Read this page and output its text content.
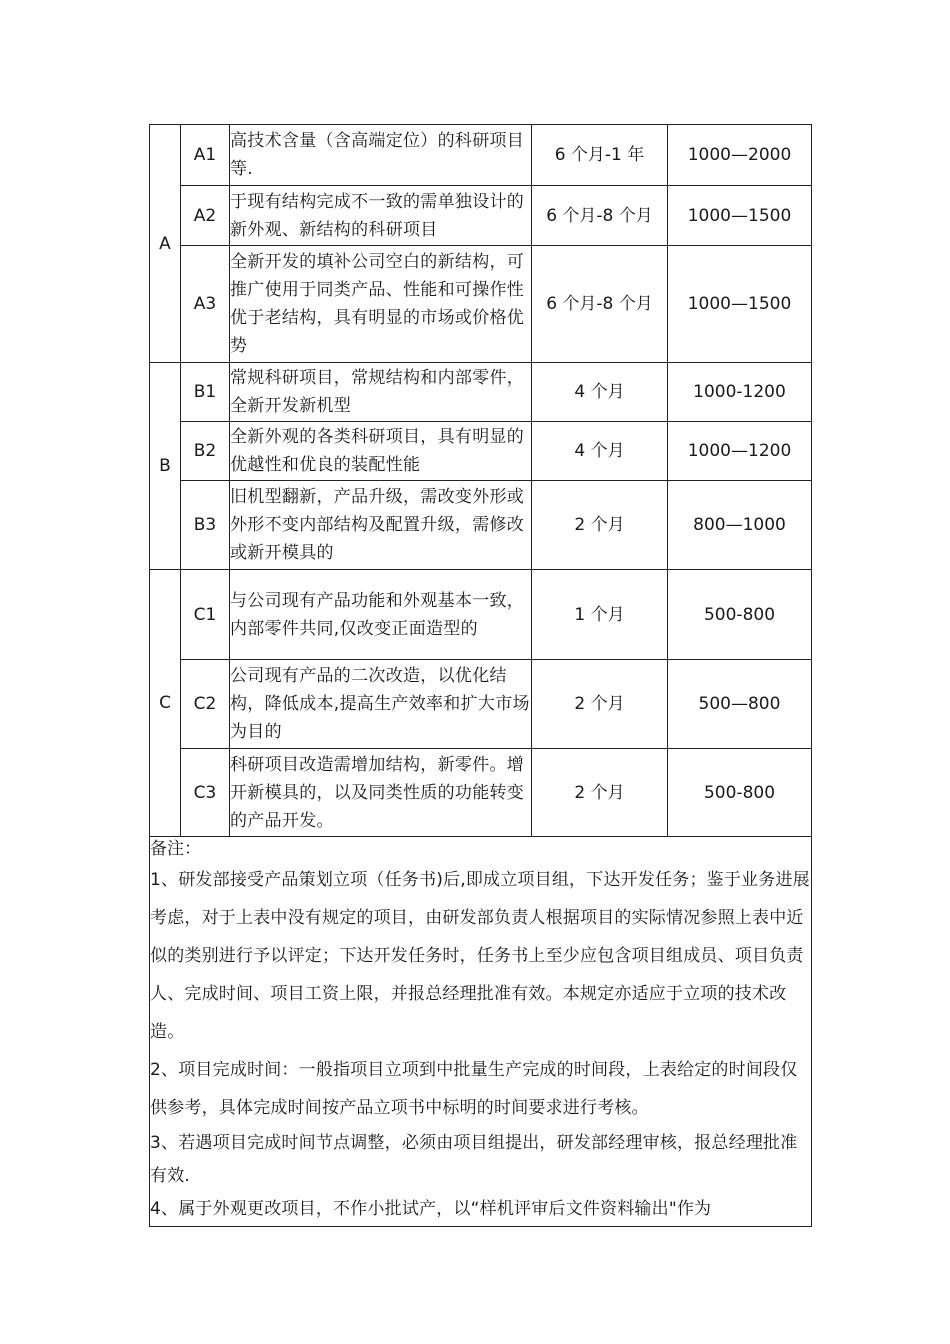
A	A1	高技术含量（含高端定位）的科研项目等.	6 个月-1 年	1000—2000
	A2	于现有结构完成不一致的需单独设计的新外观、新结构的科研项目	6 个月-8 个月	1000—1500
	A3	全新开发的填补公司空白的新结构，可推广使用于同类产品、性能和可操作性优于老结构，具有明显的市场或价格优势	6 个月-8 个月	1000—1500
B	B1	常规科研项目，常规结构和内部零件，全新开发新机型	4 个月	1000-1200
	B2	全新外观的各类科研项目，具有明显的优越性和优良的装配性能	4 个月	1000—1200
	B3	旧机型翻新，产品升级，需改变外形或外形不变内部结构及配置升级，需修改或新开模具的	2 个月	800—1000
C	C1	与公司现有产品功能和外观基本一致，内部零件共同,仅改变正面造型的	1 个月	500-800
	C2	公司现有产品的二次改造，以优化结构，降低成本,提高生产效率和扩大市场为目的	2 个月	500—800
	C3	科研项目改造需增加结构，新零件。增开新模具的，以及同类性质的功能转变的产品开发。	2 个月	500-800

备注：
1、研发部接受产品策划立项（任务书)后,即成立项目组，下达开发任务；鉴于业务进展考虑，对于上表中没有规定的项目，由研发部负责人根据项目的实际情况参照上表中近似的类别进行予以评定；下达开发任务时，任务书上至少应包含项目组成员、项目负责人、完成时间、项目工资上限，并报总经理批准有效。本规定亦适应于立项的技术改造。
2、项目完成时间：一般指项目立项到中批量生产完成的时间段，上表给定的时间段仅供参考，具体完成时间按产品立项书中标明的时间要求进行考核。
3、若遇项目完成时间节点调整，必须由项目组提出，研发部经理审核，报总经理批准有效.
4、属于外观更改项目，不作小批试产，以“样机评审后文件资料输出"作为				
